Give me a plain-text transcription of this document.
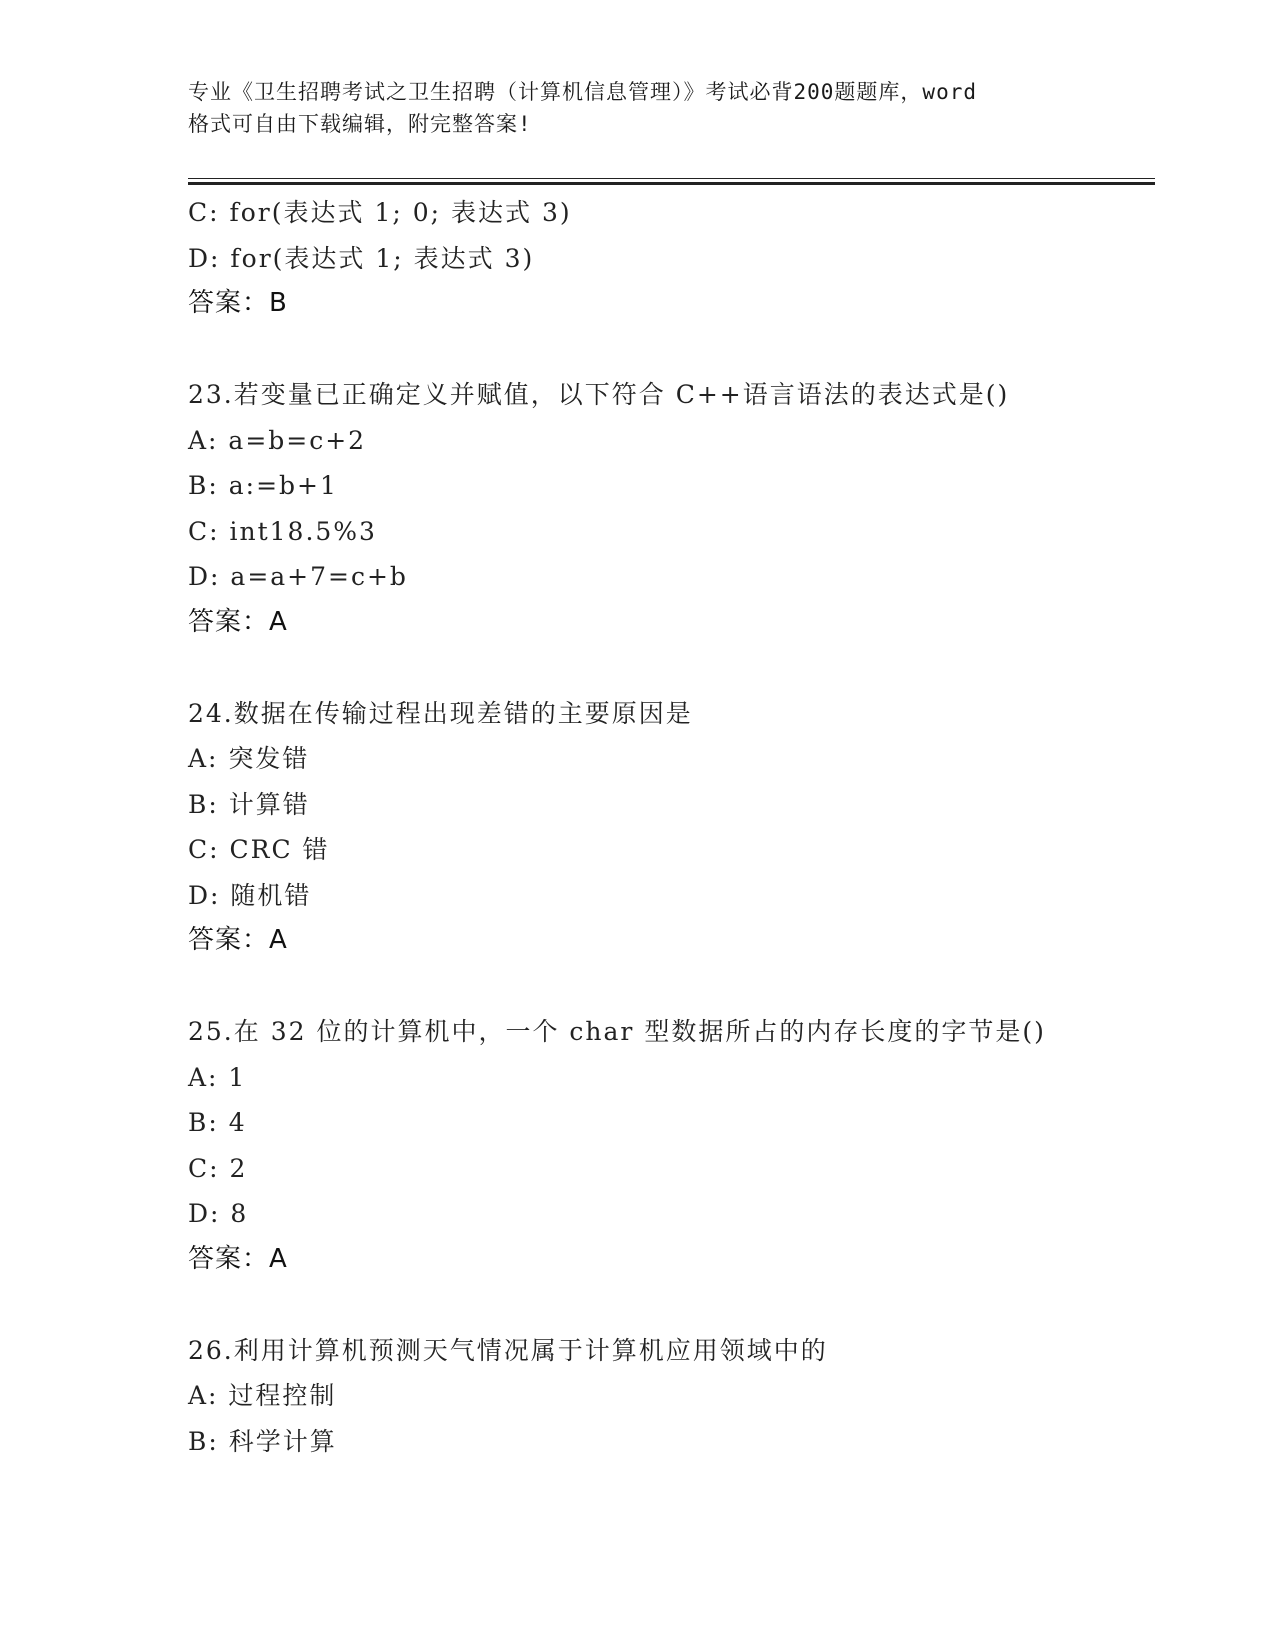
专业《卫生招聘考试之卫生招聘（计算机信息管理）》考试必背200题题库，word
格式可自由下载编辑，附完整答案!
C: for(表达式 1; 0; 表达式 3)
D: for(表达式 1; 表达式 3)
答案：B
23.若变量已正确定义并赋值，以下符合 C++语言语法的表达式是()
A: a=b=c+2
B: a:=b+1
C: int18.5%3
D: a=a+7=c+b
答案：A
24.数据在传输过程出现差错的主要原因是
A: 突发错
B: 计算错
C: CRC 错
D: 随机错
答案：A
25.在 32 位的计算机中，一个 char 型数据所占的内存长度的字节是()
A: 1
B: 4
C: 2
D: 8
答案：A
26.利用计算机预测天气情况属于计算机应用领域中的
A: 过程控制
B: 科学计算
